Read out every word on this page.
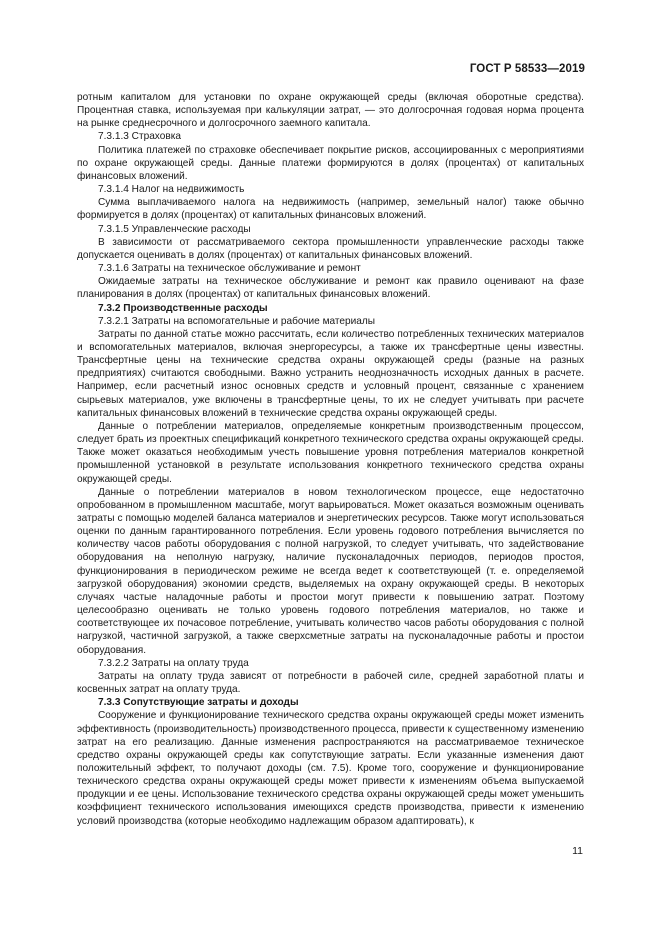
ГОСТ Р 58533—2019

ротным капиталом для установки по охране окружающей среды (включая оборотные средства). Процентная ставка, используемая при калькуляции затрат, — это долгосрочная годовая норма процента на рынке среднесрочного и долгосрочного заемного капитала.

7.3.1.3 Страховка

Политика платежей по страховке обеспечивает покрытие рисков, ассоциированных с мероприятиями по охране окружающей среды. Данные платежи формируются в долях (процентах) от капитальных финансовых вложений.

7.3.1.4 Налог на недвижимость

Сумма выплачиваемого налога на недвижимость (например, земельный налог) также обычно формируется в долях (процентах) от капитальных финансовых вложений.

7.3.1.5 Управленческие расходы

В зависимости от рассматриваемого сектора промышленности управленческие расходы также допускается оценивать в долях (процентах) от капитальных финансовых вложений.

7.3.1.6 Затраты на техническое обслуживание и ремонт

Ожидаемые затраты на техническое обслуживание и ремонт как правило оценивают на фазе планирования в долях (процентах) от капитальных финансовых вложений.

7.3.2 Производственные расходы

7.3.2.1 Затраты на вспомогательные и рабочие материалы

Затраты по данной статье можно рассчитать, если количество потребленных технических материалов и вспомогательных материалов, включая энергоресурсы, а также их трансфертные цены известны. Трансфертные цены на технические средства охраны окружающей среды (разные на разных предприятиях) считаются свободными. Важно устранить неоднозначность исходных данных в расчете. Например, если расчетный износ основных средств и условный процент, связанные с хранением сырьевых материалов, уже включены в трансфертные цены, то их не следует учитывать при расчете капитальных финансовых вложений в технические средства охраны окружающей среды.

Данные о потреблении материалов, определяемые конкретным производственным процессом, следует брать из проектных спецификаций конкретного технического средства охраны окружающей среды. Также может оказаться необходимым учесть повышение уровня потребления материалов конкретной промышленной установкой в результате использования конкретного технического средства охраны окружающей среды.

Данные о потреблении материалов в новом технологическом процессе, еще недостаточно опробованном в промышленном масштабе, могут варьироваться. Может оказаться возможным оценивать затраты с помощью моделей баланса материалов и энергетических ресурсов. Также могут использоваться оценки по данным гарантированного потребления. Если уровень годового потребления вычисляется по количеству часов работы оборудования с полной нагрузкой, то следует учитывать, что задействование оборудования на неполную нагрузку, наличие пусконаладочных периодов, периодов простоя, функционирования в периодическом режиме не всегда ведет к соответствующей (т. е. определяемой загрузкой оборудования) экономии средств, выделяемых на охрану окружающей среды. В некоторых случаях частые наладочные работы и простои могут привести к повышению затрат. Поэтому целесообразно оценивать не только уровень годового потребления материалов, но также и соответствующее их почасовое потребление, учитывать количество часов работы оборудования с полной нагрузкой, частичной загрузкой, а также сверхсметные затраты на пусконаладочные работы и простои оборудования.

7.3.2.2 Затраты на оплату труда

Затраты на оплату труда зависят от потребности в рабочей силе, средней заработной платы и косвенных затрат на оплату труда.

7.3.3 Сопутствующие затраты и доходы

Сооружение и функционирование технического средства охраны окружающей среды может изменить эффективность (производительность) производственного процесса, привести к существенному изменению затрат на его реализацию. Данные изменения распространяются на рассматриваемое техническое средство охраны окружающей среды как сопутствующие затраты. Если указанные изменения дают положительный эффект, то получают доходы (см. 7.5). Кроме того, сооружение и функционирование технического средства охраны окружающей среды может привести к изменениям объема выпускаемой продукции и ее цены. Использование технического средства охраны окружающей среды может уменьшить коэффициент технического использования имеющихся средств производства, привести к изменению условий производства (которые необходимо надлежащим образом адаптировать), к

11
